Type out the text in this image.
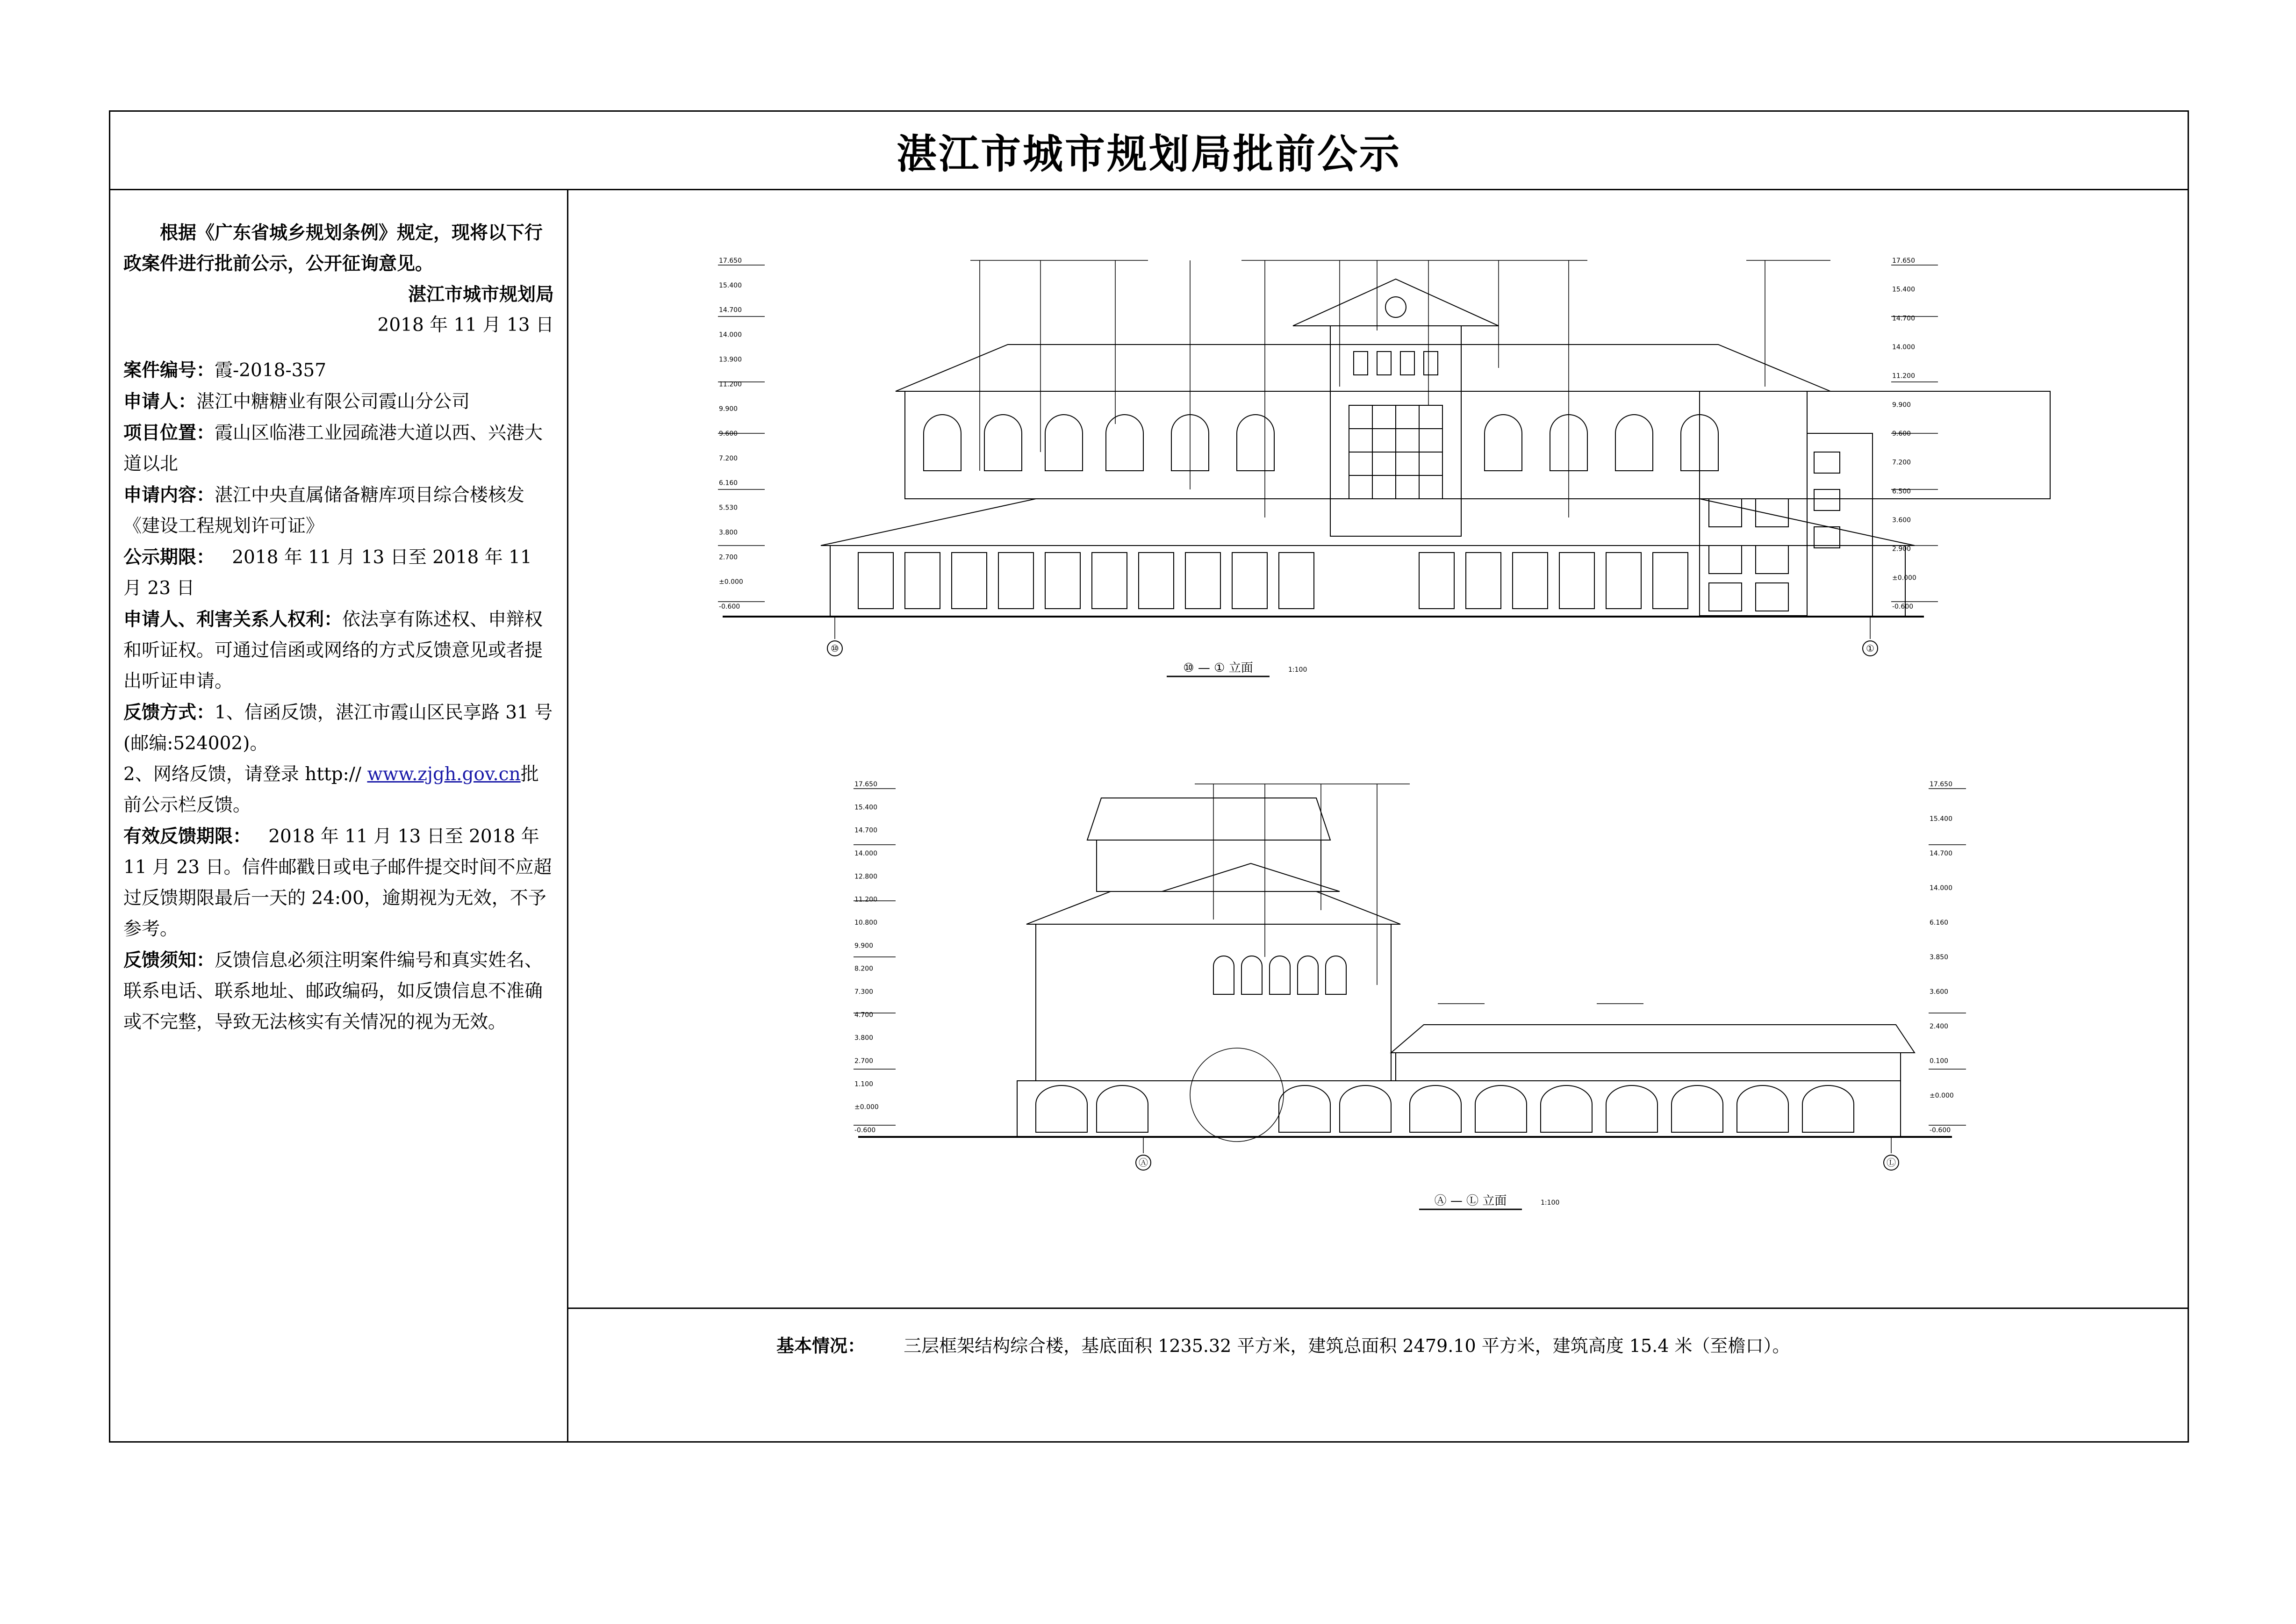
湛江市城市规划局批前公示

根据《广东省城乡规划条例》规定，现将以下行政案件进行批前公示，公开征询意见。

湛江市城市规划局

2018 年 11 月 13 日

案件编号：霞-2018-357

申请人：湛江中糖糖业有限公司霞山分公司

项目位置：霞山区临港工业园疏港大道以西、兴港大道以北

申请内容：湛江中央直属储备糖库项目综合楼核发《建设工程规划许可证》

公示期限： 2018 年 11 月 13 日至 2018 年 11 月 23 日

申请人、利害关系人权利：依法享有陈述权、申辩权和听证权。可通过信函或网络的方式反馈意见或者提出听证申请。

反馈方式：1、信函反馈，湛江市霞山区民享路 31 号(邮编:524002)。

2、网络反馈，请登录 http:// www.zjgh.gov.cn批前公示栏反馈。

有效反馈期限： 2018 年 11 月 13 日至 2018 年 11 月 23 日。信件邮戳日或电子邮件提交时间不应超过反馈期限最后一天的 24:00，逾期视为无效，不予参考。

反馈须知：反馈信息必须注明案件编号和真实姓名、联系电话、联系地址、邮政编码，如反馈信息不准确或不完整，导致无法核实有关情况的视为无效。

⑩	①
⑩ — ① 立面	1:100
Ⓐ	Ⓛ
Ⓐ — Ⓛ 立面	1:100
17.650
15.400
14.700
14.000
13.900
11.200
9.900
9.600
7.200
6.160
5.530
3.800
2.700
±0.000
-0.600
17.650
15.400
14.700
14.000
11.200
9.900
9.600
7.200
6.500
3.600
2.900
±0.000
-0.600
17.650
15.400
14.700
14.000
12.800
11.200
10.800
9.900
8.200
7.300
4.700
3.800
2.700
1.100
±0.000
-0.600
17.650
15.400
14.700
14.000
6.160
3.850
3.600
2.400
0.100
±0.000
-0.600
基本情况： 三层框架结构综合楼，基底面积 1235.32 平方米，建筑总面积 2479.10 平方米，建筑高度 15.4 米（至檐口）。
